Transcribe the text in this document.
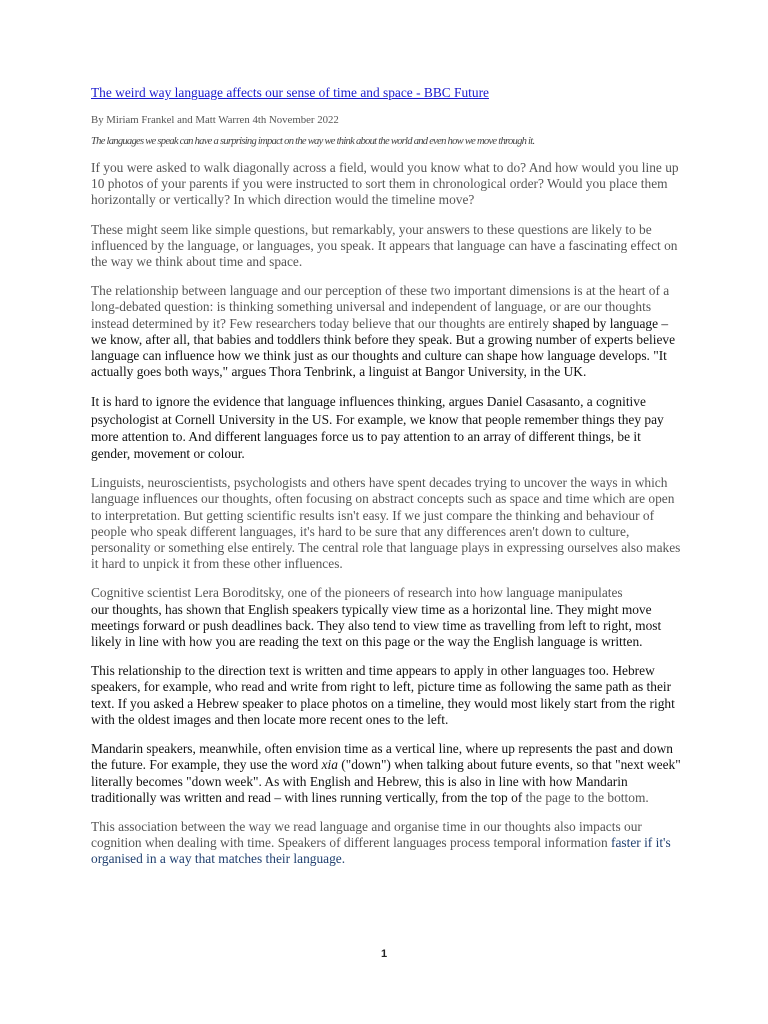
The weird way language affects our sense of time and space - BBC Future
By Miriam Frankel and Matt Warren 4th November 2022
The languages we speak can have a surprising impact on the way we think about the world and even how we move through it.

If you were asked to walk diagonally across a field, would you know what to do? And how would you line up 10 photos of your parents if you were instructed to sort them in chronological order? Would you place them horizontally or vertically? In which direction would the timeline move?

These might seem like simple questions, but remarkably, your answers to these questions are likely to be influenced by the language, or languages, you speak. It appears that language can have a fascinating effect on the way we think about time and space.

The relationship between language and our perception of these two important dimensions is at the heart of a long-debated question: is thinking something universal and independent of language, or are our thoughts instead determined by it? Few researchers today believe that our thoughts are entirely shaped by language – we know, after all, that babies and toddlers think before they speak. But a growing number of experts believe language can influence how we think just as our thoughts and culture can shape how language develops. "It actually goes both ways," argues Thora Tenbrink, a linguist at Bangor University, in the UK.

It is hard to ignore the evidence that language influences thinking, argues Daniel Casasanto, a cognitive psychologist at Cornell University in the US. For example, we know that people remember things they pay more attention to. And different languages force us to pay attention to an array of different things, be it gender, movement or colour.

Linguists, neuroscientists, psychologists and others have spent decades trying to uncover the ways in which language influences our thoughts, often focusing on abstract concepts such as space and time which are open to interpretation. But getting scientific results isn't easy. If we just compare the thinking and behaviour of people who speak different languages, it's hard to be sure that any differences aren't down to culture, personality or something else entirely. The central role that language plays in expressing ourselves also makes it hard to unpick it from these other influences.

Cognitive scientist Lera Boroditsky, one of the pioneers of research into how language manipulates
our thoughts, has shown that English speakers typically view time as a horizontal line. They might move meetings forward or push deadlines back. They also tend to view time as travelling from left to right, most likely in line with how you are reading the text on this page or the way the English language is written.

This relationship to the direction text is written and time appears to apply in other languages too. Hebrew speakers, for example, who read and write from right to left, picture time as following the same path as their text. If you asked a Hebrew speaker to place photos on a timeline, they would most likely start from the right with the oldest images and then locate more recent ones to the left.

Mandarin speakers, meanwhile, often envision time as a vertical line, where up represents the past and down the future. For example, they use the word xia ("down") when talking about future events, so that "next week" literally becomes "down week". As with English and Hebrew, this is also in line with how Mandarin traditionally was written and read – with lines running vertically, from the top of the page to the bottom.

This association between the way we read language and organise time in our thoughts also impacts our cognition when dealing with time. Speakers of different languages process temporal information faster if it's organised in a way that matches their language.

1
